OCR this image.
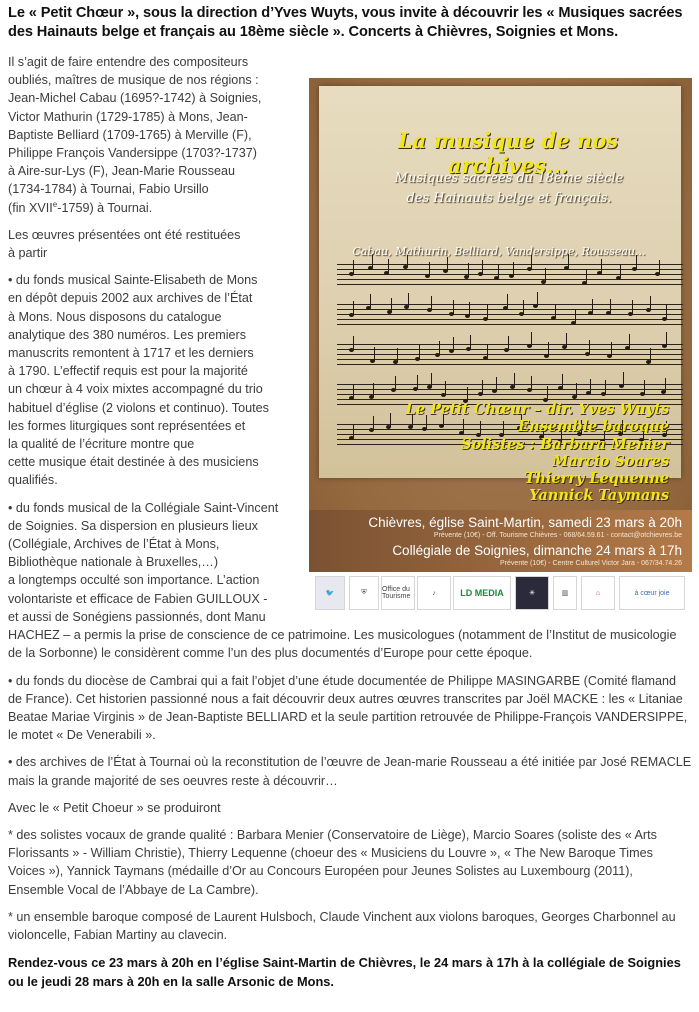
Le « Petit Chœur », sous la direction d’Yves Wuyts, vous invite à découvrir les « Musiques sacrées des Hainauts belge et français au 18ème siècle ». Concerts à Chièvres, Soignies et Mons.
Il s’agit de faire entendre des compositeurs
oubliés, maîtres de musique de nos régions :
Jean-Michel Cabau (1695?-1742) à Soignies,
Victor Mathurin (1729-1785) à Mons, Jean-
Baptiste Belliard (1709-1765) à Merville (F),
Philippe François Vandersippe (1703?-1737)
à Aire-sur-Lys (F), Jean-Marie Rousseau
(1734-1784) à Tournai, Fabio Ursillo
(fin XVIIe-1759) à Tournai.
Les œuvres présentées ont été restituées
à partir
• du fonds musical Sainte-Elisabeth de Mons
en dépôt depuis 2002 aux archives de l’État
à Mons. Nous disposons du catalogue
analytique des 380 numéros. Les premiers
manuscrits remontent à 1717 et les derniers
à 1790. L’effectif requis est pour la majorité
un chœur à 4 voix mixtes accompagné du trio
habituel d’église (2 violons et continuo). Toutes
les formes liturgiques sont représentées et
la qualité de l’écriture montre que
cette musique était destinée à des musiciens
qualifiés.
• du fonds musical de la Collégiale Saint-Vincent
de Soignies. Sa dispersion en plusieurs lieux
(Collégiale, Archives de l’État à Mons,
Bibliothèque nationale à Bruxelles,…)
a longtemps occulté son importance. L’action
volontariste et efficace de Fabien GUILLOUX -
et aussi de Sonégiens passionnés, dont Manu
HACHEZ – a permis la prise de conscience de ce patrimoine. Les musicologues (notamment de l’Institut de musicologie de la Sorbonne) le considèrent comme l’un des plus documentés d’Europe pour cette époque.
• du fonds du diocèse de Cambrai qui a fait l’objet d’une étude documentée de Philippe MASINGARBE (Comité flamand de France). Cet historien passionné nous a fait découvrir deux autres œuvres transcrites par Joël MACKE : les « Litaniae Beatae Mariae Virginis » de Jean-Baptiste BELLIARD et la seule partition retrouvée de Philippe-François VANDERSIPPE, le motet « De Venerabili ».
• des archives de l’État à Tournai où la reconstitution de l’œuvre de Jean-marie Rousseau a été initiée par José REMACLE mais la grande majorité de ses oeuvres reste à découvrir…
Avec le « Petit Choeur » se produiront
* des solistes vocaux de grande qualité : Barbara Menier (Conservatoire de Liège), Marcio Soares (soliste des « Arts Florissants » - William Christie), Thierry Lequenne (choeur des « Musiciens du Louvre », « The New Baroque Times Voices »), Yannick Taymans (médaille d’Or au Concours Européen pour Jeunes Solistes au Luxembourg (2011), Ensemble Vocal de l’Abbaye de La Cambre).
* un ensemble baroque composé de Laurent Hulsboch, Claude Vinchent aux violons baroques, Georges Charbonnel au violoncelle, Fabian Martiny au clavecin.
Rendez-vous ce 23 mars à 20h en l’église Saint-Martin de Chièvres, le 24 mars à 17h à la collégiale de Soignies ou le jeudi 28 mars à 20h en la salle Arsonic de Mons.
La musique de nos archives...
Musiques sacrées du 18ème siècle
des Hainauts belge et français.
Cabau, Mathurin, Belliard, Vandersippe, Rousseau...
Le Petit Chœur – dir. Yves Wuyts
Ensemble baroque
Solistes : Barbara Menier
Marcio Soares
Thierry Lequenne
Yannick Taymans
Chièvres, église Saint-Martin, samedi 23 mars à 20h
Prévente (10€) - Off. Tourisme Chièvres - 068/64.59.61 - contact@otchievres.be
Collégiale de Soignies, dimanche 24 mars à 17h
Prévente (10€) - Centre Culturel Victor Jara - 067/34.74.26
🐦	⛨	Office du Tourisme	♪	LD MEDIA	✳	▥	⌂	à cœur joie
